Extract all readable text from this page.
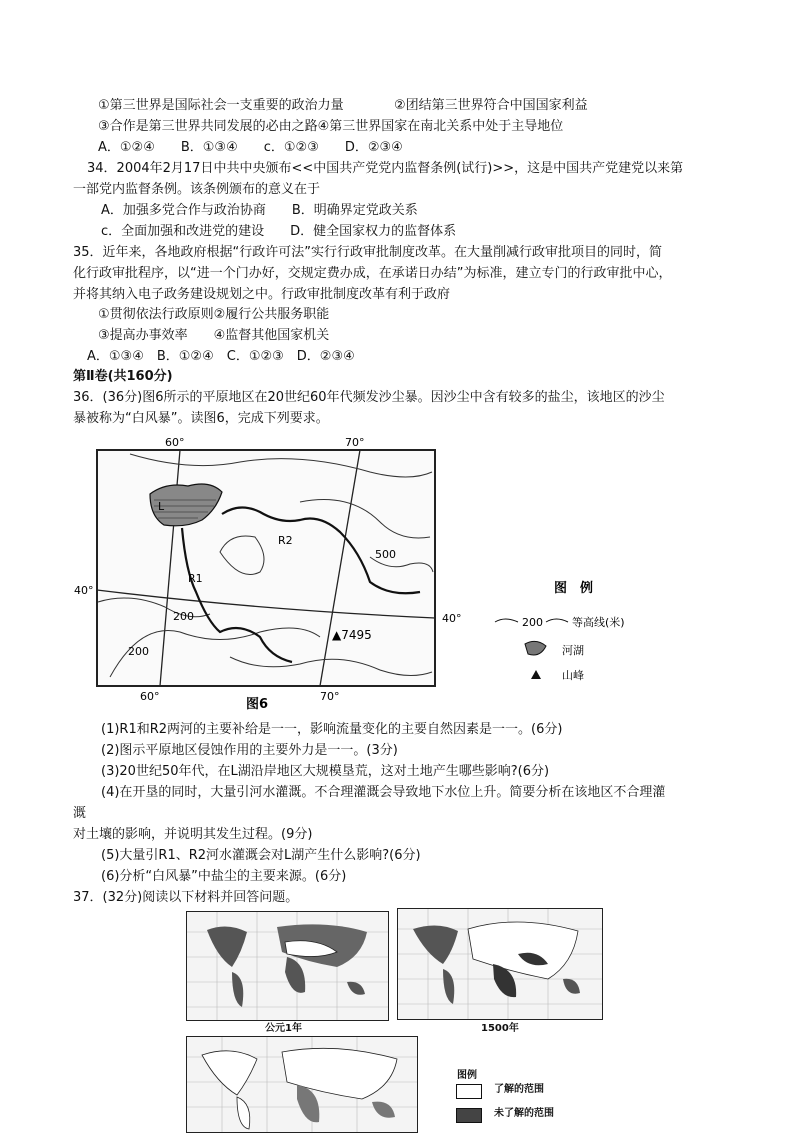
①第三世界是国际社会一支重要的政治力量	②团结第三世界符合中国国家利益
③合作是第三世界共同发展的必由之路④第三世界国家在南北关系中处于主导地位
A．①②④　　B．①③④　　c．①②③　　D．②③④
34．2004年2月17日中共中央颁布<<中国共产党党内监督条例(试行)>>，这是中国共产党建党以来第
一部党内监督条例。该条例颁布的意义在于
A．加强多党合作与政治协商　　B．明确界定党政关系
c．全面加强和改进党的建设　　D．健全国家权力的监督体系
35．近年来，各地政府根据“行政许可法”实行行政审批制度改革。在大量削减行政审批项目的同时，简
化行政审批程序，以“进一个门办好，交规定费办成，在承诺日办结”为标准，建立专门的行政审批中心，
并将其纳入电子政务建设规划之中。行政审批制度改革有利于政府
①贯彻依法行政原则②履行公共服务职能
③提高办事效率　　④监督其他国家机关
A．①③④　B．①②④　C．①②③　D．②③④
第Ⅱ卷(共160分)
36．(36分)图6所示的平原地区在20世纪60年代频发沙尘暴。因沙尘中含有较多的盐尘，该地区的沙尘
暴被称为“白风暴”。读图6，完成下列要求。
L
R1
R2
500
200
200
▲7495
60°	70°
60°	70°
40°
40°
图6
图　例
200	等高线(米)
河湖
山峰
(1)R1和R2两河的主要补给是一一，影响流量变化的主要自然因素是一一。(6分)
(2)图示平原地区侵蚀作用的主要外力是一一。(3分)
(3)20世纪50年代，在L湖沿岸地区大规模垦荒，这对土地产生哪些影响?(6分)
(4)在开垦的同时，大量引河水灌溉。不合理灌溉会导致地下水位上升。简要分析在该地区不合理灌
溉
对土壤的影响，并说明其发生过程。(9分)
(5)大量引R1、R2河水灌溉会对L湖产生什么影响?(6分)
(6)分析“白风暴”中盐尘的主要来源。(6分)
37．(32分)阅读以下材料并回答问题。
公元1年	1500年
图例
了解的范围
未了解的范围
